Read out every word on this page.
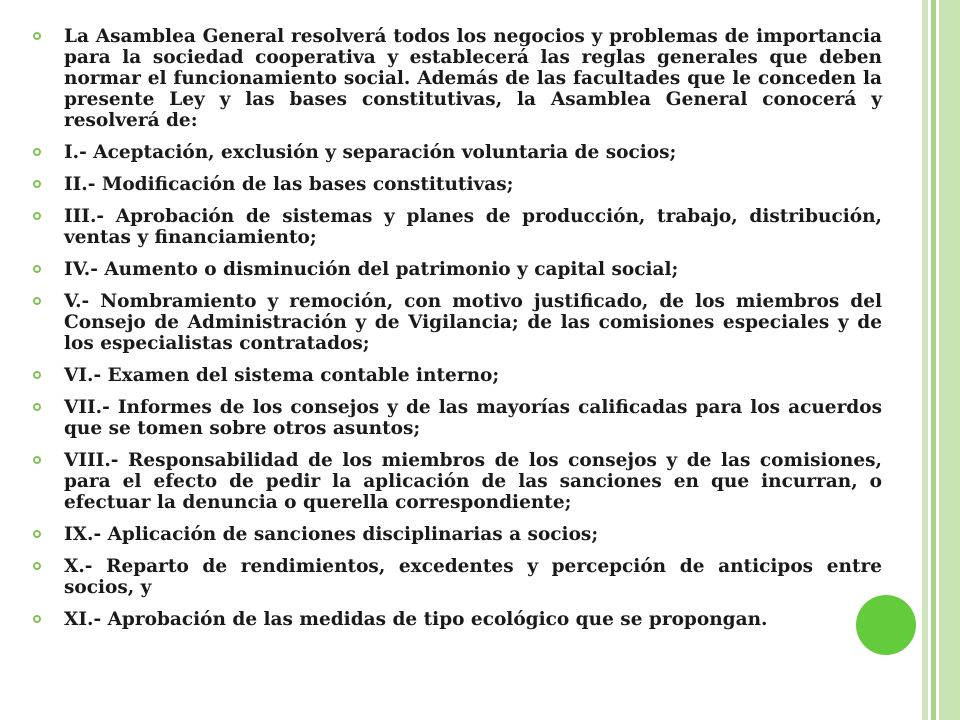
La Asamblea General resolverá todos los negocios y problemas de importancia para la sociedad cooperativa y establecerá las reglas generales que deben normar el funcionamiento social. Además de las facultades que le conceden la presente Ley y las bases constitutivas, la Asamblea General conocerá y resolverá de:
I.- Aceptación, exclusión y separación voluntaria de socios;
II.- Modificación de las bases constitutivas;
III.- Aprobación de sistemas y planes de producción, trabajo, distribución, ventas y financiamiento;
IV.- Aumento o disminución del patrimonio y capital social;
V.- Nombramiento y remoción, con motivo justificado, de los miembros del Consejo de Administración y de Vigilancia; de las comisiones especiales y de los especialistas contratados;
VI.- Examen del sistema contable interno;
VII.- Informes de los consejos y de las mayorías calificadas para los acuerdos que se tomen sobre otros asuntos;
VIII.- Responsabilidad de los miembros de los consejos y de las comisiones, para el efecto de pedir la aplicación de las sanciones en que incurran, o efectuar la denuncia o querella correspondiente;
IX.- Aplicación de sanciones disciplinarias a socios;
X.- Reparto de rendimientos, excedentes y percepción de anticipos entre socios, y
XI.- Aprobación de las medidas de tipo ecológico que se propongan.
